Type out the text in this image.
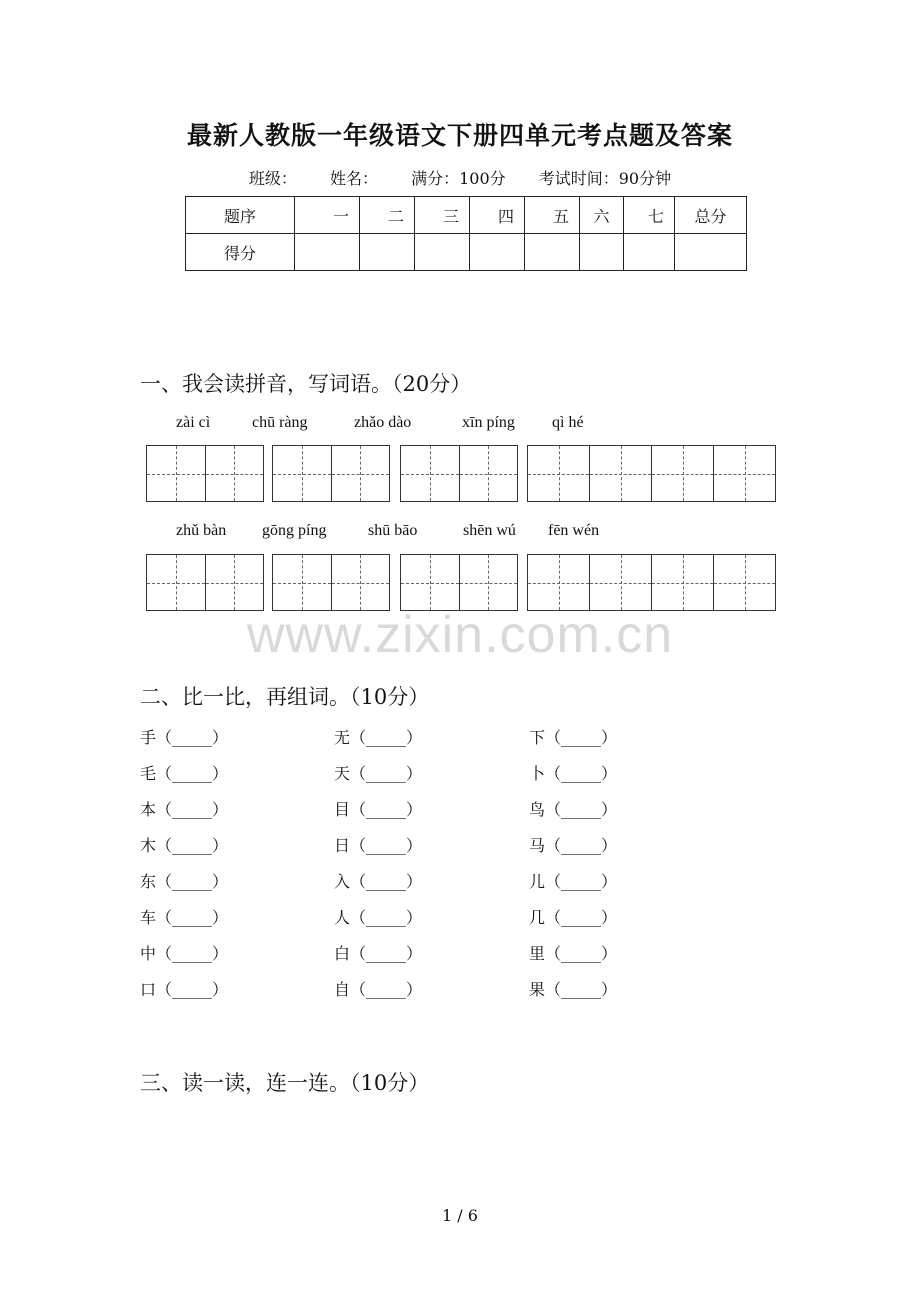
最新人教版一年级语文下册四单元考点题及答案
班级： 姓名： 满分：100分 考试时间：90分钟
题序	一	二	三	四	五	六	七	总分
得分								
一、我会读拼音，写词语。（20分）
zài cì	chū ràng	zhǎo dào	xīn píng qì hé
zhǔ bàn gōng píng	shū bāo	shēn wú fēn wén
www.zixin.com.cn
二、比一比，再组词。（10分）
手（_____）
毛（_____）
本（_____）
木（_____）
东（_____）
车（_____）
中（_____）
口（_____）
无（_____）
天（_____）
目（_____）
日（_____）
入（_____）
人（_____）
白（_____）
自（_____）
下（_____）
卜（_____）
鸟（_____）
马（_____）
儿（_____）
几（_____）
里（_____）
果（_____）
三、读一读，连一连。（10分）
1 / 6
